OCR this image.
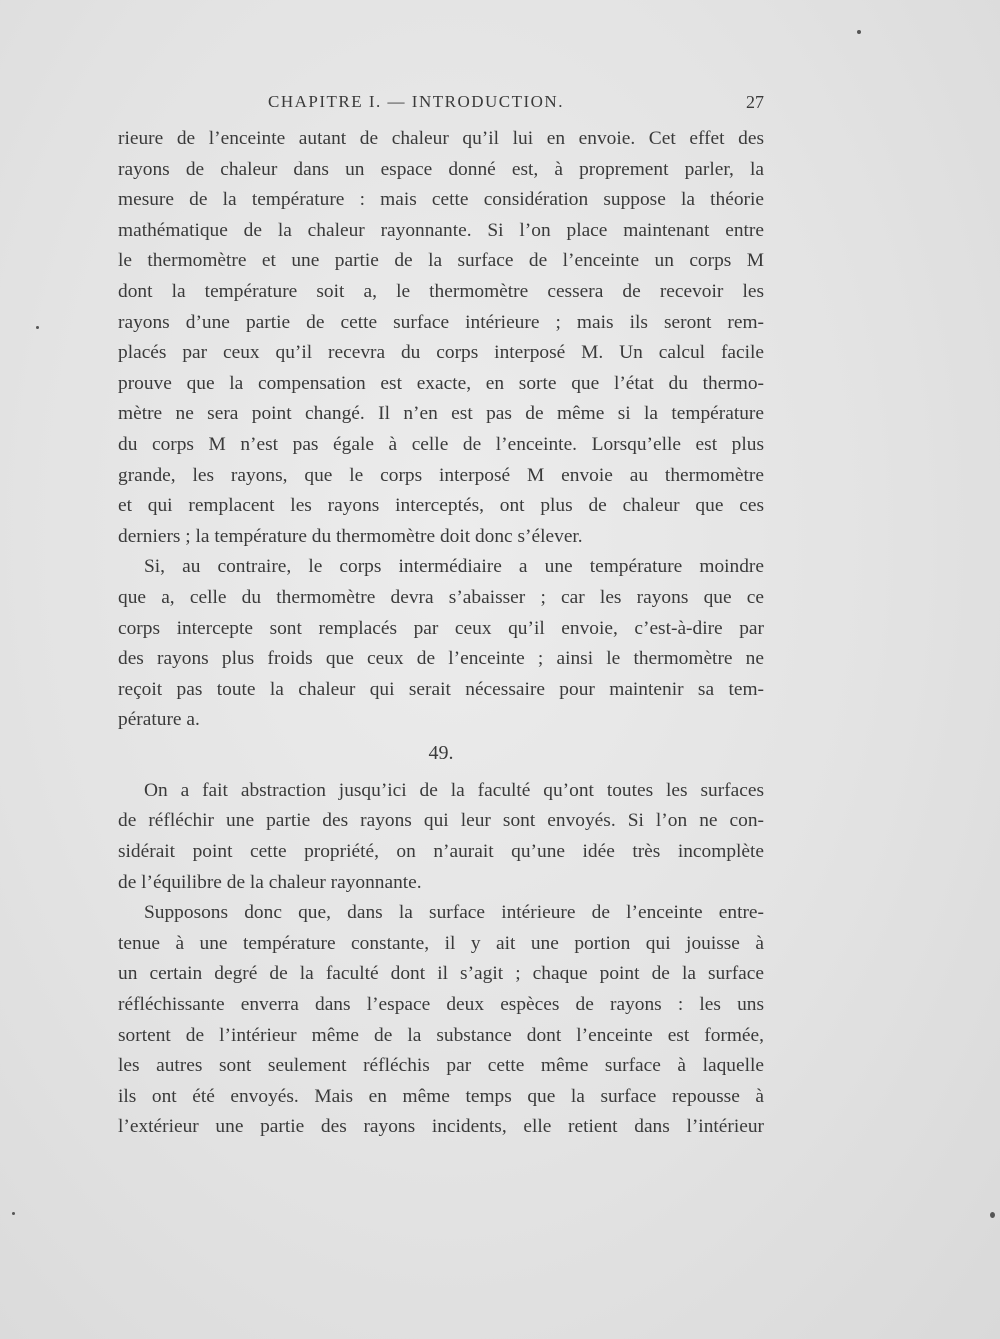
CHAPITRE I. — INTRODUCTION.	27
rieure de l’enceinte autant de chaleur qu’il lui en envoie. Cet effet des
rayons de chaleur dans un espace donné est, à proprement parler, la
mesure de la température : mais cette considération suppose la théorie
mathématique de la chaleur rayonnante. Si l’on place maintenant entre
le thermomètre et une partie de la surface de l’enceinte un corps M
dont la température soit a, le thermomètre cessera de recevoir les
rayons d’une partie de cette surface intérieure ; mais ils seront rem-
placés par ceux qu’il recevra du corps interposé M. Un calcul facile
prouve que la compensation est exacte, en sorte que l’état du thermo-
mètre ne sera point changé. Il n’en est pas de même si la température
du corps M n’est pas égale à celle de l’enceinte. Lorsqu’elle est plus
grande, les rayons, que le corps interposé M envoie au thermomètre
et qui remplacent les rayons interceptés, ont plus de chaleur que ces
derniers ; la température du thermomètre doit donc s’élever.
Si, au contraire, le corps intermédiaire a une température moindre
que a, celle du thermomètre devra s’abaisser ; car les rayons que ce
corps intercepte sont remplacés par ceux qu’il envoie, c’est-à-dire par
des rayons plus froids que ceux de l’enceinte ; ainsi le thermomètre ne
reçoit pas toute la chaleur qui serait nécessaire pour maintenir sa tem-
pérature a.
49.
On a fait abstraction jusqu’ici de la faculté qu’ont toutes les surfaces
de réfléchir une partie des rayons qui leur sont envoyés. Si l’on ne con-
sidérait point cette propriété, on n’aurait qu’une idée très incomplète
de l’équilibre de la chaleur rayonnante.
Supposons donc que, dans la surface intérieure de l’enceinte entre-
tenue à une température constante, il y ait une portion qui jouisse à
un certain degré de la faculté dont il s’agit ; chaque point de la surface
réfléchissante enverra dans l’espace deux espèces de rayons : les uns
sortent de l’intérieur même de la substance dont l’enceinte est formée,
les autres sont seulement réfléchis par cette même surface à laquelle
ils ont été envoyés. Mais en même temps que la surface repousse à
l’extérieur une partie des rayons incidents, elle retient dans l’intérieur
